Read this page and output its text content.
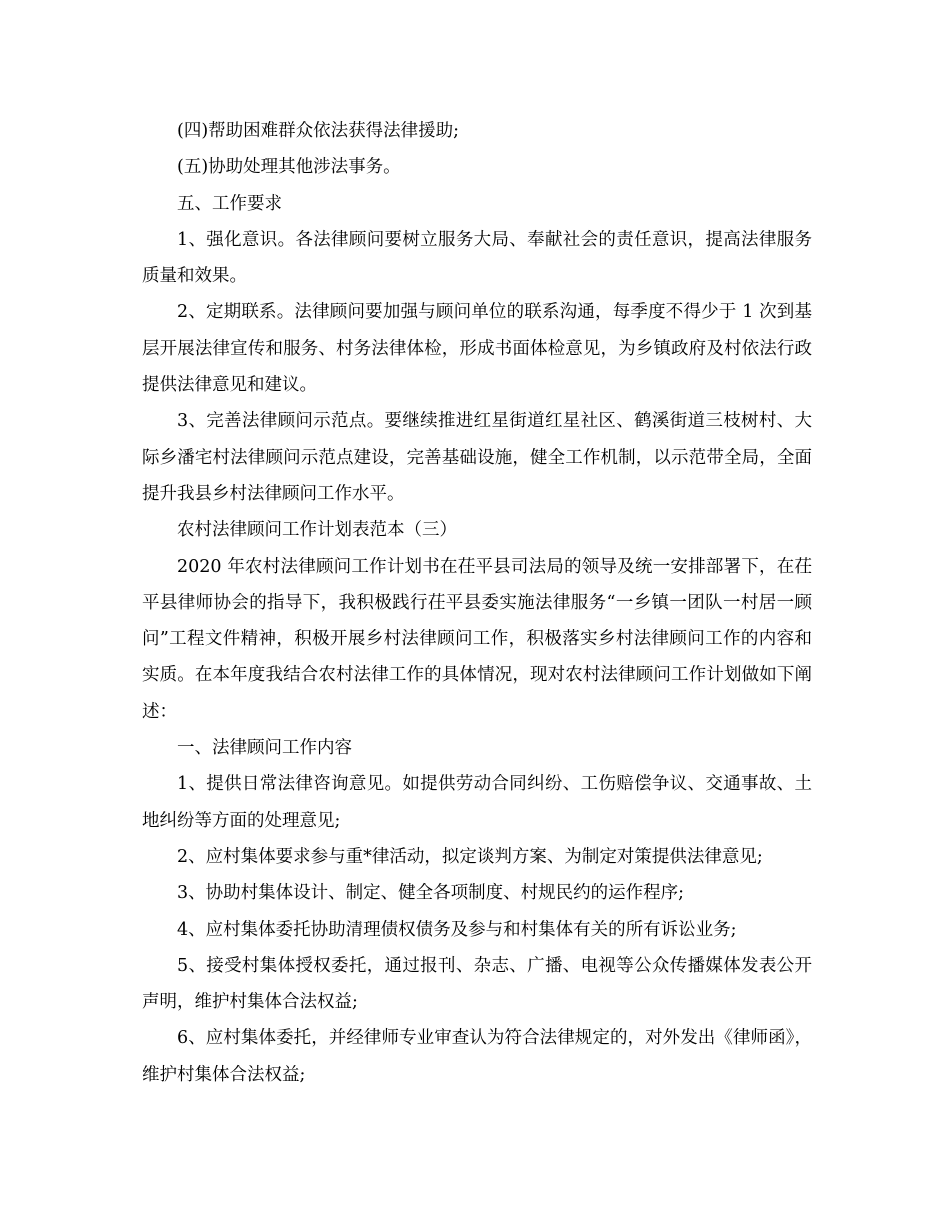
(四)帮助困难群众依法获得法律援助;

(五)协助处理其他涉法事务。

五、工作要求

1、强化意识。各法律顾问要树立服务大局、奉献社会的责任意识，提高法律服务质量和效果。

2、定期联系。法律顾问要加强与顾问单位的联系沟通，每季度不得少于 1 次到基层开展法律宣传和服务、村务法律体检，形成书面体检意见，为乡镇政府及村依法行政提供法律意见和建议。

3、完善法律顾问示范点。要继续推进红星街道红星社区、鹤溪街道三枝树村、大际乡潘宅村法律顾问示范点建设，完善基础设施，健全工作机制，以示范带全局，全面提升我县乡村法律顾问工作水平。

农村法律顾问工作计划表范本（三）

2020 年农村法律顾问工作计划书在茌平县司法局的领导及统一安排部署下，在茌平县律师协会的指导下，我积极践行茌平县委实施法律服务“一乡镇一团队一村居一顾问”工程文件精神，积极开展乡村法律顾问工作，积极落实乡村法律顾问工作的内容和实质。在本年度我结合农村法律工作的具体情况，现对农村法律顾问工作计划做如下阐述：

一、法律顾问工作内容

1、提供日常法律咨询意见。如提供劳动合同纠纷、工伤赔偿争议、交通事故、土地纠纷等方面的处理意见;

2、应村集体要求参与重*律活动，拟定谈判方案、为制定对策提供法律意见;

3、协助村集体设计、制定、健全各项制度、村规民约的运作程序;

4、应村集体委托协助清理债权债务及参与和村集体有关的所有诉讼业务;

5、接受村集体授权委托，通过报刊、杂志、广播、电视等公众传播媒体发表公开声明，维护村集体合法权益;

6、应村集体委托，并经律师专业审查认为符合法律规定的，对外发出《律师函》，维护村集体合法权益;
